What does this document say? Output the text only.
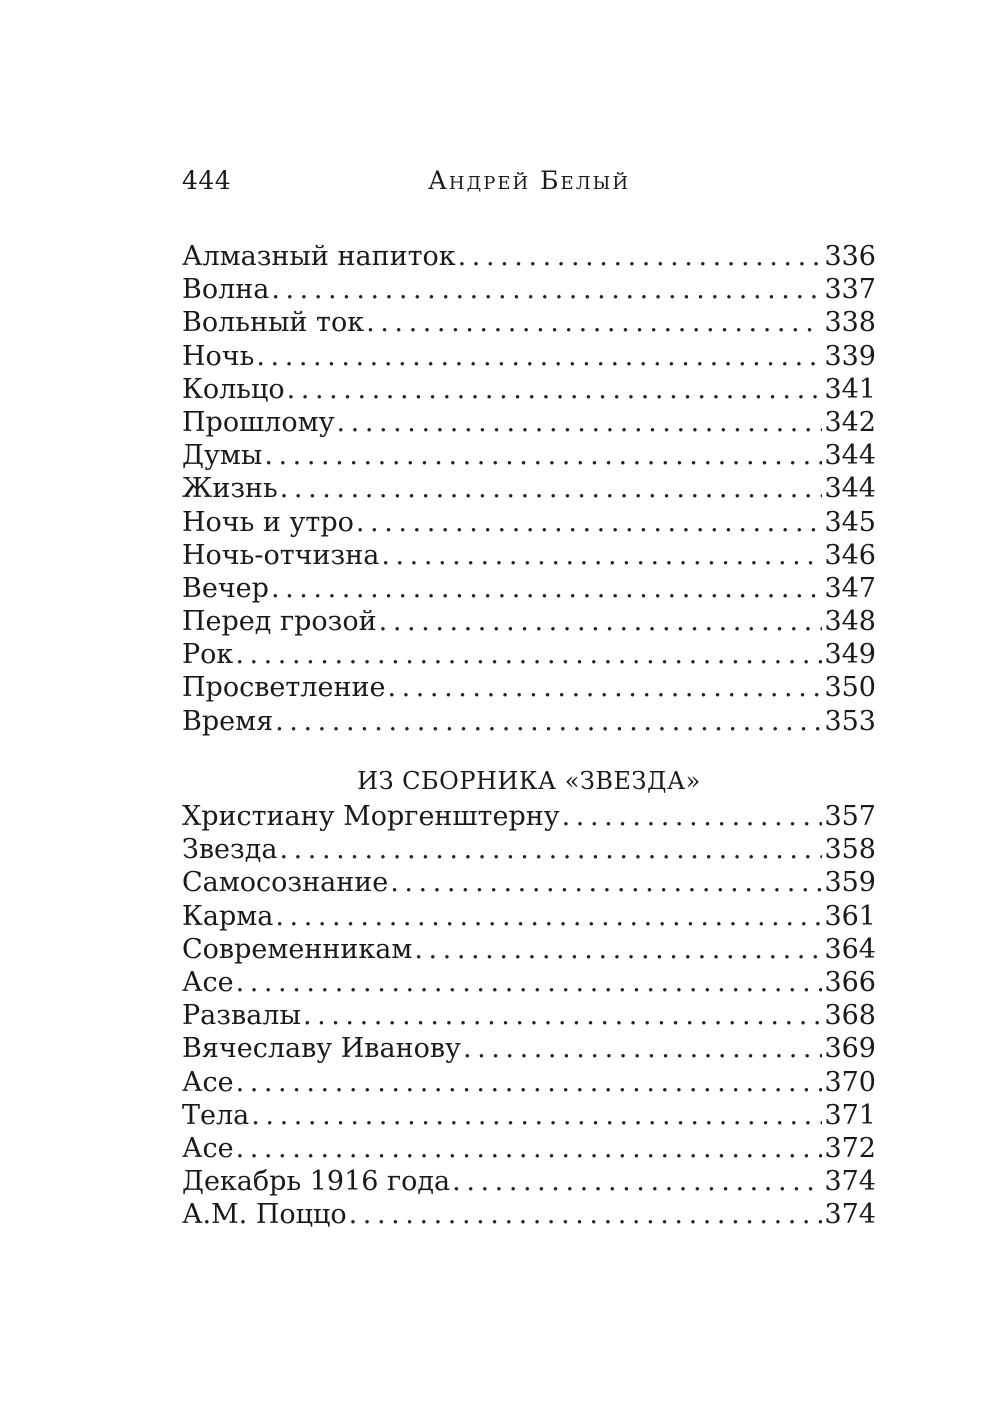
444	Андрей Белый
Алмазный напиток . . .	336
Волна . . .	337
Вольный ток . . .	338
Ночь . . .	339
Кольцо . . .	341
Прошлому . . .	342
Думы . . .	344
Жизнь . . .	344
Ночь и утро . . .	345
Ночь-отчизна . . .	346
Вечер . . .	347
Перед грозой . . .	348
Рок . . .	349
Просветление . . .	350
Время . . .	353
ИЗ СБОРНИКА «ЗВЕЗДА»
Христиану Моргенштерну . . .	357
Звезда . . .	358
Самосознание . . .	359
Карма . . .	361
Современникам . . .	364
Асе . . .	366
Развалы . . .	368
Вячеславу Иванову . . .	369
Асе . . .	370
Тела . . .	371
Асе . . .	372
Декабрь 1916 года . . .	374
А.М. Поццо . . .	374
